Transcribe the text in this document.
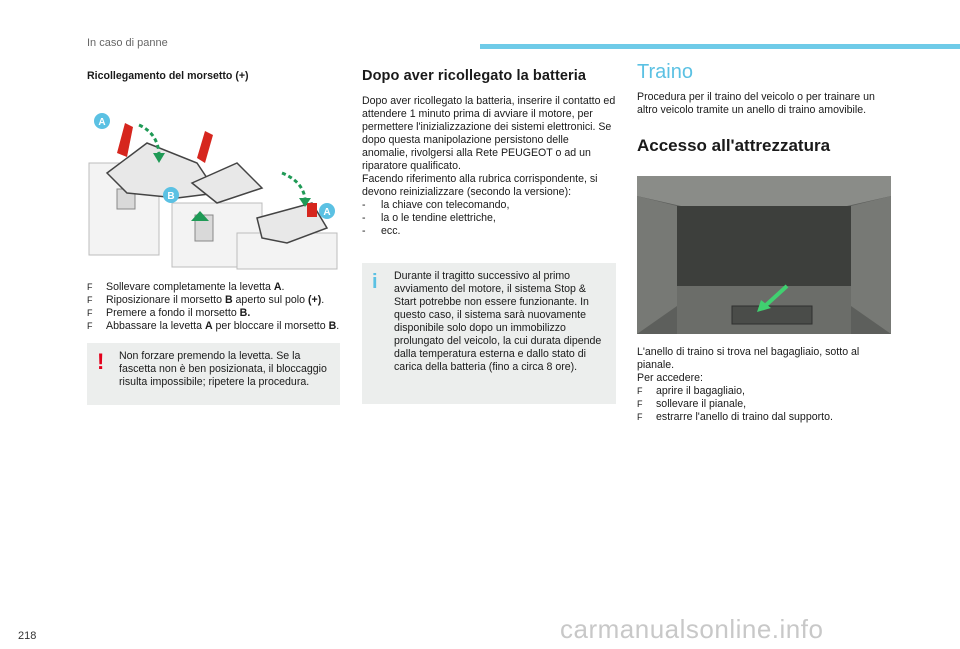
In caso di panne

Ricollegamento del morsetto (+)

A
B
A
F Sollevare completamente la levetta A.
F Riposizionare il morsetto B aperto sul polo (+).
F Premere a fondo il morsetto B.
F Abbassare la levetta A per bloccare il morsetto B.
! Non forzare premendo la levetta. Se la fascetta non è ben posizionata, il bloccaggio risulta impossibile; ripetere la procedura.

Dopo aver ricollegato la batteria

Dopo aver ricollegato la batteria, inserire il contatto ed attendere 1 minuto prima di avviare il motore, per permettere l'inizializzazione dei sistemi elettronici. Se dopo questa manipolazione persistono delle anomalie, rivolgersi alla Rete PEUGEOT o ad un riparatore qualificato.

Facendo riferimento alla rubrica corrispondente, si devono reinizializzare (secondo la versione):

- la chiave con telecomando,
- la o le tendine elettriche,
- ecc.
i Durante il tragitto successivo al primo avviamento del motore, il sistema Stop & Start potrebbe non essere funzionante. In questo caso, il sistema sarà nuovamente disponibile solo dopo un immobilizzo prolungato del veicolo, la cui durata dipende dalla temperatura esterna e dallo stato di carica della batteria (fino a circa 8 ore).

Traino

Procedura per il traino del veicolo o per trainare un altro veicolo tramite un anello di traino amovibile.

Accesso all'attrezzatura

L'anello di traino si trova nel bagagliaio, sotto al pianale.

Per accedere:

F aprire il bagagliaio,
F sollevare il pianale,
F estrarre l'anello di traino dal supporto.
218	carmanualsonline.info
